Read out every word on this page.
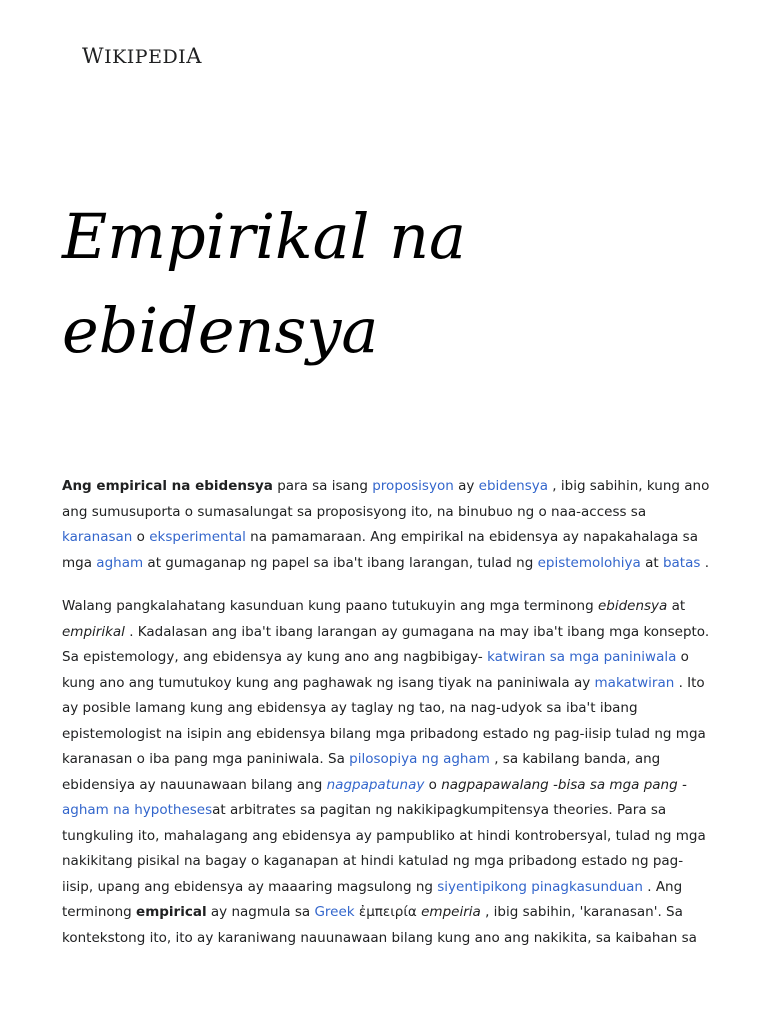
WIKIPEDIA
Empirikal na
ebidensya

Ang empirical na ebidensya para sa isang proposisyon ay ebidensya , ibig sabihin, kung ano ang sumusuporta o sumasalungat sa proposisyong ito, na binubuo ng o naa-access sa karanasan o eksperimental na pamamaraan. Ang empirikal na ebidensya ay napakahalaga sa mga agham at gumaganap ng papel sa iba't ibang larangan, tulad ng epistemolohiya at batas .

Walang pangkalahatang kasunduan kung paano tutukuyin ang mga terminong ebidensya at empirikal . Kadalasan ang iba't ibang larangan ay gumagana na may iba't ibang mga konsepto. Sa epistemology, ang ebidensya ay kung ano ang nagbibigay- katwiran sa mga paniniwala o kung ano ang tumutukoy kung ang paghawak ng isang tiyak na paniniwala ay makatwiran . Ito ay posible lamang kung ang ebidensya ay taglay ng tao, na nag-udyok sa iba't ibang epistemologist na isipin ang ebidensya bilang mga pribadong estado ng pag-iisip tulad ng mga karanasan o iba pang mga paniniwala. Sa pilosopiya ng agham , sa kabilang banda, ang ebidensiya ay nauunawaan bilang ang nagpapatunay o nagpapawalang -bisa sa mga pang - agham na hypothesesat arbitrates sa pagitan ng nakikipagkumpitensya theories. Para sa tungkuling ito, mahalagang ang ebidensya ay pampubliko at hindi kontrobersyal, tulad ng mga nakikitang pisikal na bagay o kaganapan at hindi katulad ng mga pribadong estado ng pag-iisip, upang ang ebidensya ay maaaring magsulong ng siyentipikong pinagkasunduan . Ang terminong empirical ay nagmula sa Greek ἐμπειρία empeiria , ibig sabihin, 'karanasan'. Sa kontekstong ito, ito ay karaniwang nauunawaan bilang kung ano ang nakikita, sa kaibahan sa
